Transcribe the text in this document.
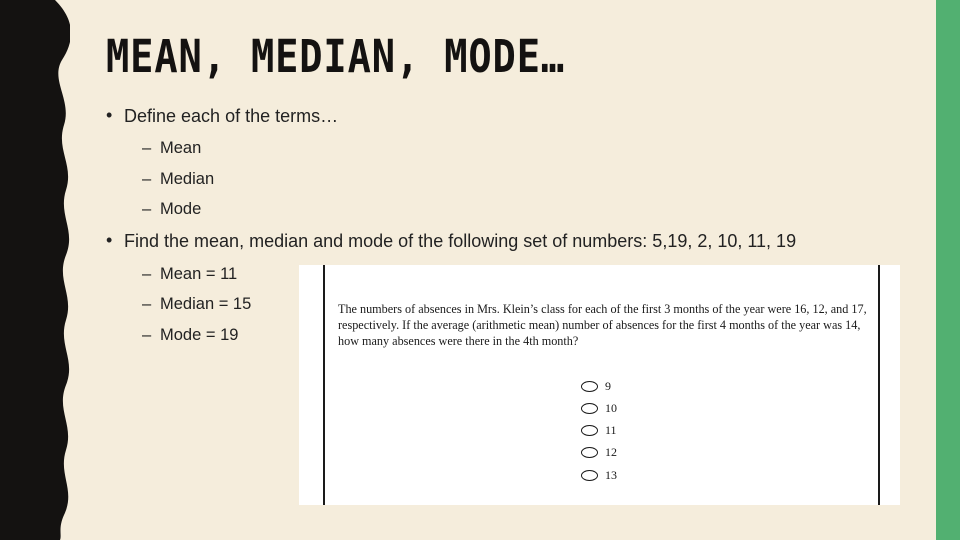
MEAN, MEDIAN, MODE…
• Define each of the terms…
– Mean
– Median
– Mode
• Find the mean, median and mode of the following set of numbers: 5,19, 2, 10, 11, 19
– Mean = 11
– Median = 15
– Mode = 19
The numbers of absences in Mrs. Klein’s class for each of the first 3 months of the year were 16, 12, and 17, respectively. If the average (arithmetic mean) number of absences for the first 4 months of the year was 14, how many absences were there in the 4th month?
9
10
11
12
13
